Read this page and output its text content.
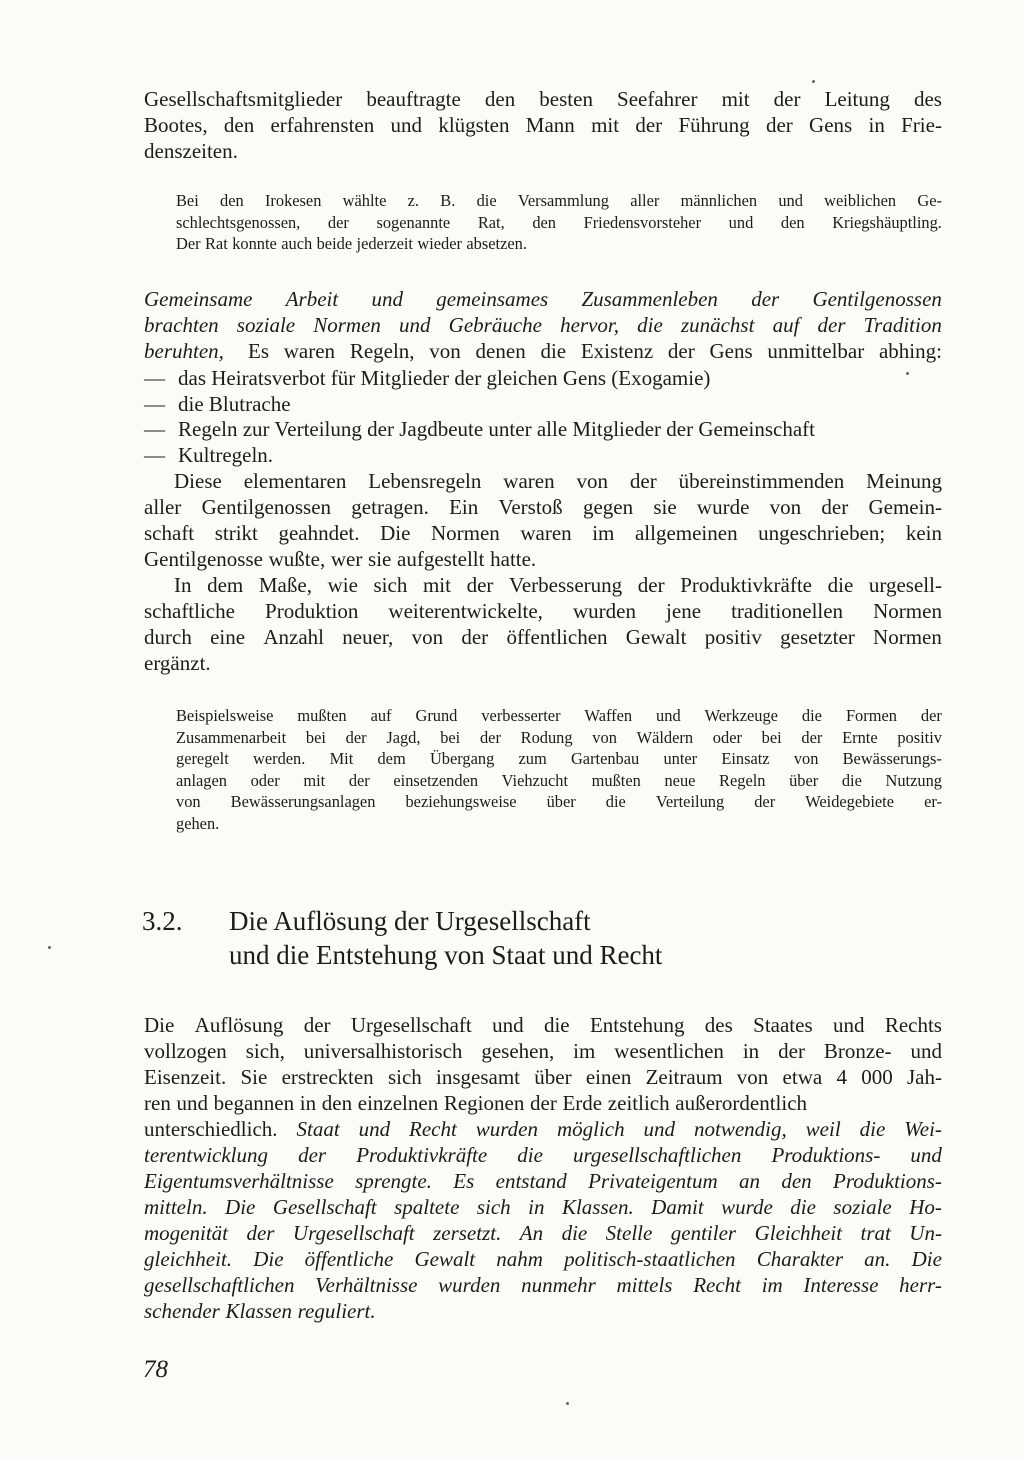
Gesellschaftsmitglieder beauftragte den besten Seefahrer mit der Leitung des
Bootes, den erfahrensten und klügsten Mann mit der Führung der Gens in Frie-
denszeiten.
Bei den Irokesen wählte z. B. die Versammlung aller männlichen und weiblichen Ge-
schlechtsgenossen, der sogenannte Rat, den Friedensvorsteher und den Kriegshäuptling.
Der Rat konnte auch beide jederzeit wieder absetzen.
Gemeinsame Arbeit und gemeinsames Zusammenleben der Gentilgenossen
brachten soziale Normen und Gebräuche hervor, die zunächst auf der Tradition
beruhten, Es waren Regeln, von denen die Existenz der Gens unmittelbar abhing:
— das Heiratsverbot für Mitglieder der gleichen Gens (Exogamie)
— die Blutrache
— Regeln zur Verteilung der Jagdbeute unter alle Mitglieder der Gemeinschaft
— Kultregeln.
Diese elementaren Lebensregeln waren von der übereinstimmenden Meinung
aller Gentilgenossen getragen. Ein Verstoß gegen sie wurde von der Gemein-
schaft strikt geahndet. Die Normen waren im allgemeinen ungeschrieben; kein
Gentilgenosse wußte, wer sie aufgestellt hatte.
In dem Maße, wie sich mit der Verbesserung der Produktivkräfte die urgesell-
schaftliche Produktion weiterentwickelte, wurden jene traditionellen Normen
durch eine Anzahl neuer, von der öffentlichen Gewalt positiv gesetzter Normen
ergänzt.
Beispielsweise mußten auf Grund verbesserter Waffen und Werkzeuge die Formen der
Zusammenarbeit bei der Jagd, bei der Rodung von Wäldern oder bei der Ernte positiv
geregelt werden. Mit dem Übergang zum Gartenbau unter Einsatz von Bewässerungs-
anlagen oder mit der einsetzenden Viehzucht mußten neue Regeln über die Nutzung
von Bewässerungsanlagen beziehungsweise über die Verteilung der Weidegebiete er-
gehen.
3.2. Die Auflösung der Urgesellschaft
und die Entstehung von Staat und Recht
Die Auflösung der Urgesellschaft und die Entstehung des Staates und Rechts
vollzogen sich, universalhistorisch gesehen, im wesentlichen in der Bronze- und
Eisenzeit. Sie erstreckten sich insgesamt über einen Zeitraum von etwa 4 000 Jah-
ren und begannen in den einzelnen Regionen der Erde zeitlich außerordentlich
unterschiedlich. Staat und Recht wurden möglich und notwendig, weil die Wei-
terentwicklung der Produktivkräfte die urgesellschaftlichen Produktions- und
Eigentumsverhältnisse sprengte. Es entstand Privateigentum an den Produktions-
mitteln. Die Gesellschaft spaltete sich in Klassen. Damit wurde die soziale Ho-
mogenität der Urgesellschaft zersetzt. An die Stelle gentiler Gleichheit trat Un-
gleichheit. Die öffentliche Gewalt nahm politisch-staatlichen Charakter an. Die
gesellschaftlichen Verhältnisse wurden nunmehr mittels Recht im Interesse herr-
schender Klassen reguliert.
78
